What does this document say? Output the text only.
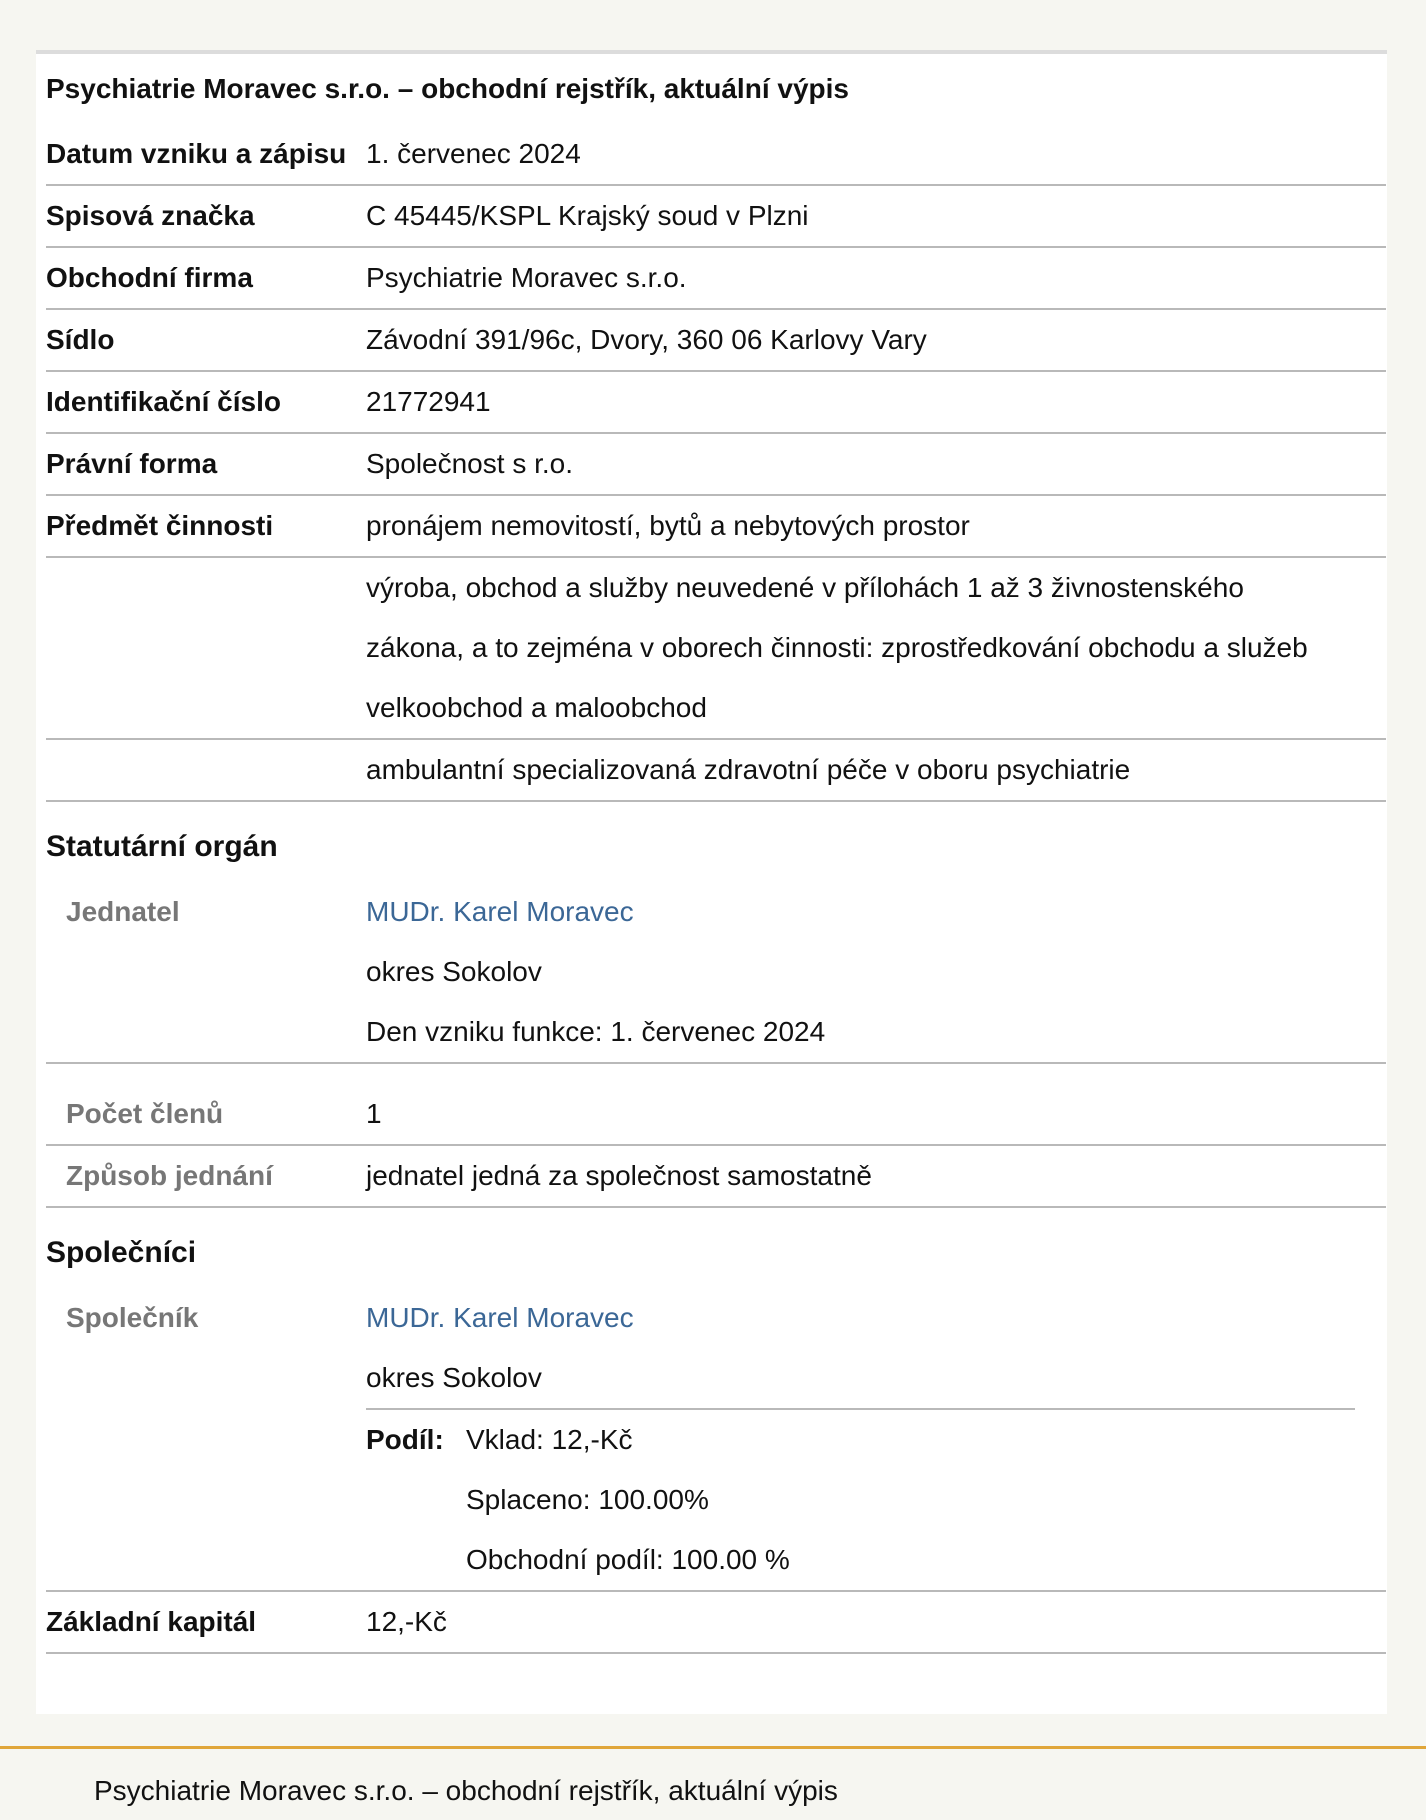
Psychiatrie Moravec s.r.o. – obchodní rejstřík, aktuální výpis
Datum vzniku a zápisu 1. červenec 2024
Spisová značka	C 45445/KSPL Krajský soud v Plzni
Obchodní firma	Psychiatrie Moravec s.r.o.
Sídlo	Závodní 391/96c, Dvory, 360 06 Karlovy Vary
Identifikační číslo	21772941
Právní forma	Společnost s r.o.
Předmět činnosti	pronájem nemovitostí, bytů a nebytových prostor
výroba, obchod a služby neuvedené v přílohách 1 až 3 živnostenského
zákona, a to zejména v oborech činnosti: zprostředkování obchodu a služeb
velkoobchod a maloobchod
ambulantní specializovaná zdravotní péče v oboru psychiatrie
Statutární orgán
Jednatel	MUDr. Karel Moravec
okres Sokolov
Den vzniku funkce: 1. červenec 2024
Počet členů	1
Způsob jednání	jednatel jedná za společnost samostatně
Společníci
Společník	MUDr. Karel Moravec
okres Sokolov
Podíl: Vklad: 12,-Kč
Splaceno: 100.00%
Obchodní podíl: 100.00 %
Základní kapitál	12,-Kč
Psychiatrie Moravec s.r.o. – obchodní rejstřík, aktuální výpis
